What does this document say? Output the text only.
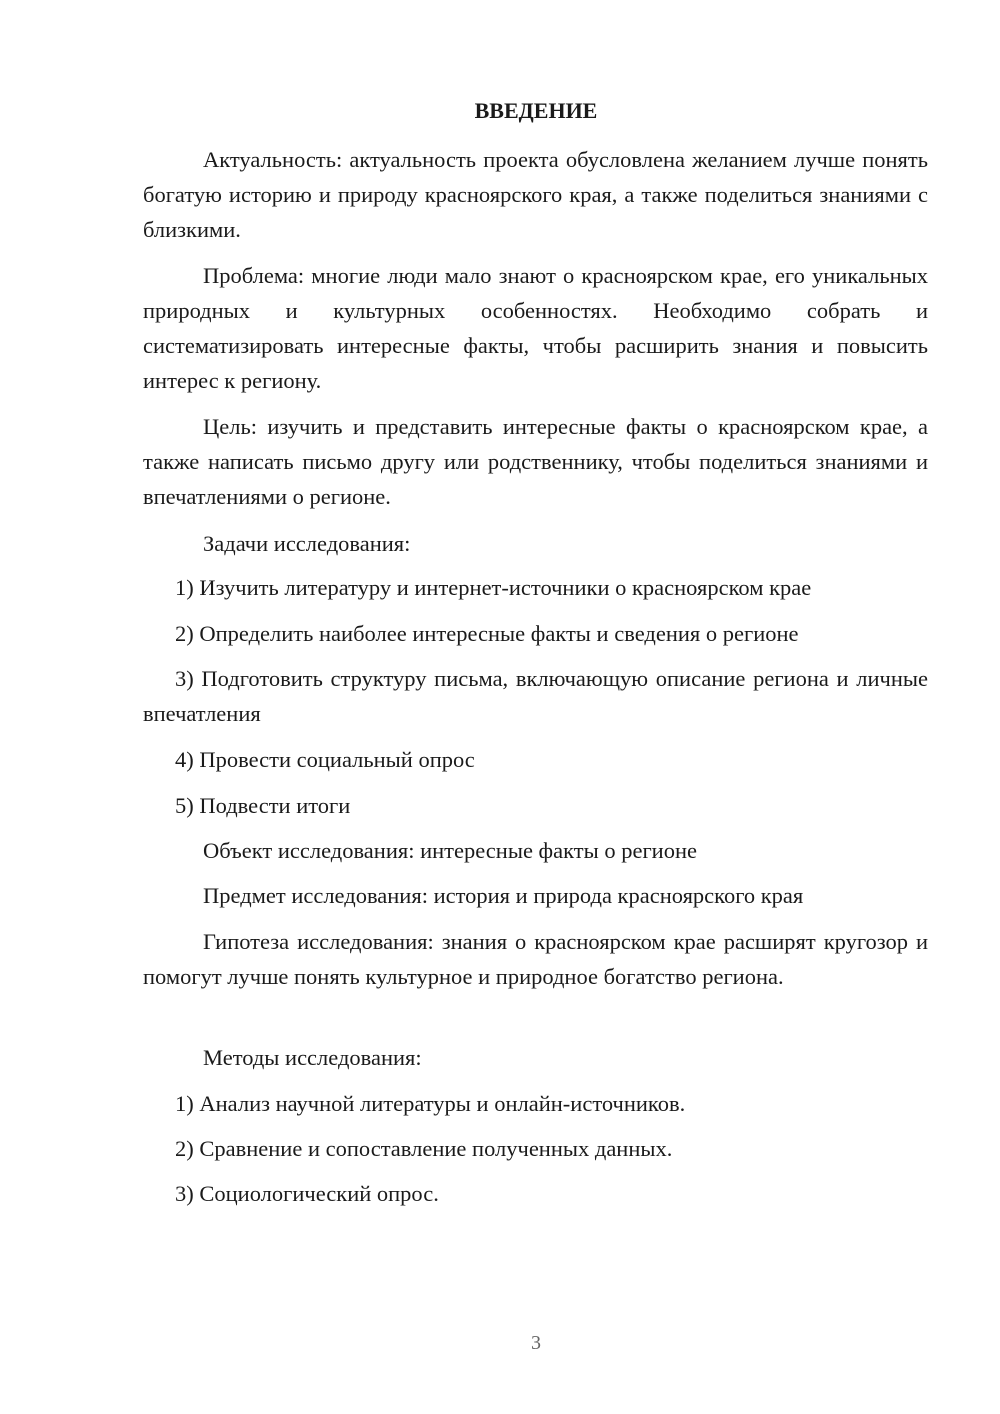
ВВЕДЕНИЕ
Актуальность: актуальность проекта обусловлена желанием лучше понять богатую историю и природу красноярского края, а также поделиться знаниями с близкими.
Проблема: многие люди мало знают о красноярском крае, его уникальных природных и культурных особенностях. Необходимо собрать и систематизировать интересные факты, чтобы расширить знания и повысить интерес к региону.
Цель: изучить и представить интересные факты о красноярском крае, а также написать письмо другу или родственнику, чтобы поделиться знаниями и впечатлениями о регионе.
Задачи исследования:
1) Изучить литературу и интернет-источники о красноярском крае
2) Определить наиболее интересные факты и сведения о регионе
3) Подготовить структуру письма, включающую описание региона и личные впечатления
4) Провести социальный опрос
5) Подвести итоги
Объект исследования: интересные факты о регионе
Предмет исследования: история и природа красноярского края
Гипотеза исследования: знания о красноярском крае расширят кругозор и помогут лучше понять культурное и природное богатство региона.
Методы исследования:
1) Анализ научной литературы и онлайн-источников.
2) Сравнение и сопоставление полученных данных.
3) Социологический опрос.
3
